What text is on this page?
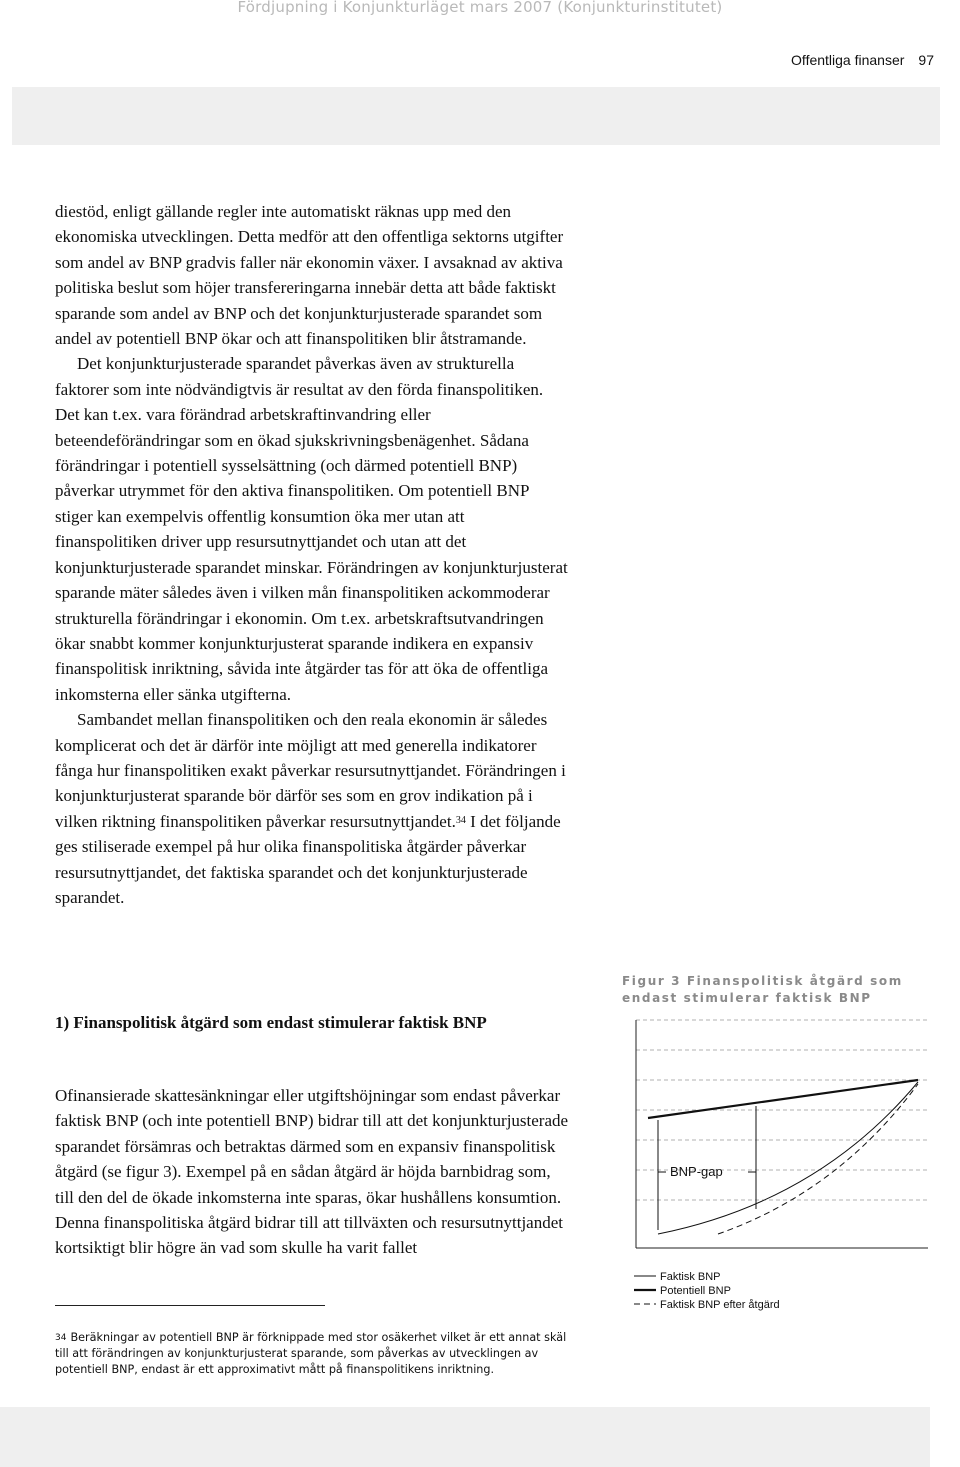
Fördjupning i Konjunkturläget mars 2007 (Konjunkturinstitutet)
Offentliga finanser 97

diestöd, enligt gällande regler inte automatiskt räknas upp med den ekonomiska utvecklingen. Detta medför att den offentliga sektorns utgifter som andel av BNP gradvis faller när ekonomin växer. I avsaknad av aktiva politiska beslut som höjer transfereringarna innebär detta att både faktiskt sparande som andel av BNP och det konjunkturjusterade sparandet som andel av potentiell BNP ökar och att finanspolitiken blir åtstramande.

Det konjunkturjusterade sparandet påverkas även av strukturella faktorer som inte nödvändigtvis är resultat av den förda finanspolitiken. Det kan t.ex. vara förändrad arbetskraftinvandring eller beteendeförändringar som en ökad sjukskrivningsbenägenhet. Sådana förändringar i potentiell sysselsättning (och därmed potentiell BNP) påverkar utrymmet för den aktiva finanspolitiken. Om potentiell BNP stiger kan exempelvis offentlig konsumtion öka mer utan att finanspolitiken driver upp resursutnyttjandet och utan att det konjunkturjusterade sparandet minskar. Förändringen av konjunkturjusterat sparande mäter således även i vilken mån finanspolitiken ackommoderar strukturella förändringar i ekonomin. Om t.ex. arbetskraftsutvandringen ökar snabbt kommer konjunkturjusterat sparande indikera en expansiv finanspolitisk inriktning, såvida inte åtgärder tas för att öka de offentliga inkomsterna eller sänka utgifterna.

Sambandet mellan finanspolitiken och den reala ekonomin är således komplicerat och det är därför inte möjligt att med generella indikatorer fånga hur finanspolitiken exakt påverkar resursutnyttjandet. Förändringen i konjunkturjusterat sparande bör därför ses som en grov indikation på i vilken riktning finanspolitiken påverkar resursutnyttjandet.$^{34}$ I det följande ges stiliserade exempel på hur olika finanspolitiska åtgärder påverkar resursutnyttjandet, det faktiska sparandet och det konjunkturjusterade sparandet.

1) Finanspolitisk åtgärd som endast stimulerar faktisk BNP

Ofinansierade skattesänkningar eller utgiftshöjningar som endast påverkar faktisk BNP (och inte potentiell BNP) bidrar till att det konjunkturjusterade sparandet försämras och betraktas därmed som en expansiv finanspolitisk åtgärd (se figur 3). Exempel på en sådan åtgärd är höjda barnbidrag som, till den del de ökade inkomsterna inte sparas, ökar hushållens konsumtion. Denna finanspolitiska åtgärd bidrar till att tillväxten och resursutnyttjandet kortsiktigt blir högre än vad som skulle ha varit fallet

Figur 3 Finanspolitisk åtgärd som endast stimulerar faktisk BNP
BNP-gap
Faktisk BNP
Potentiell BNP
Faktisk BNP efter åtgärd
$^{34}$ Beräkningar av potentiell BNP är förknippade med stor osäkerhet vilket är ett annat skäl till att förändringen av konjunkturjusterat sparande, som påverkas av utvecklingen av potentiell BNP, endast är ett approximativt mått på finanspolitikens inriktning.
